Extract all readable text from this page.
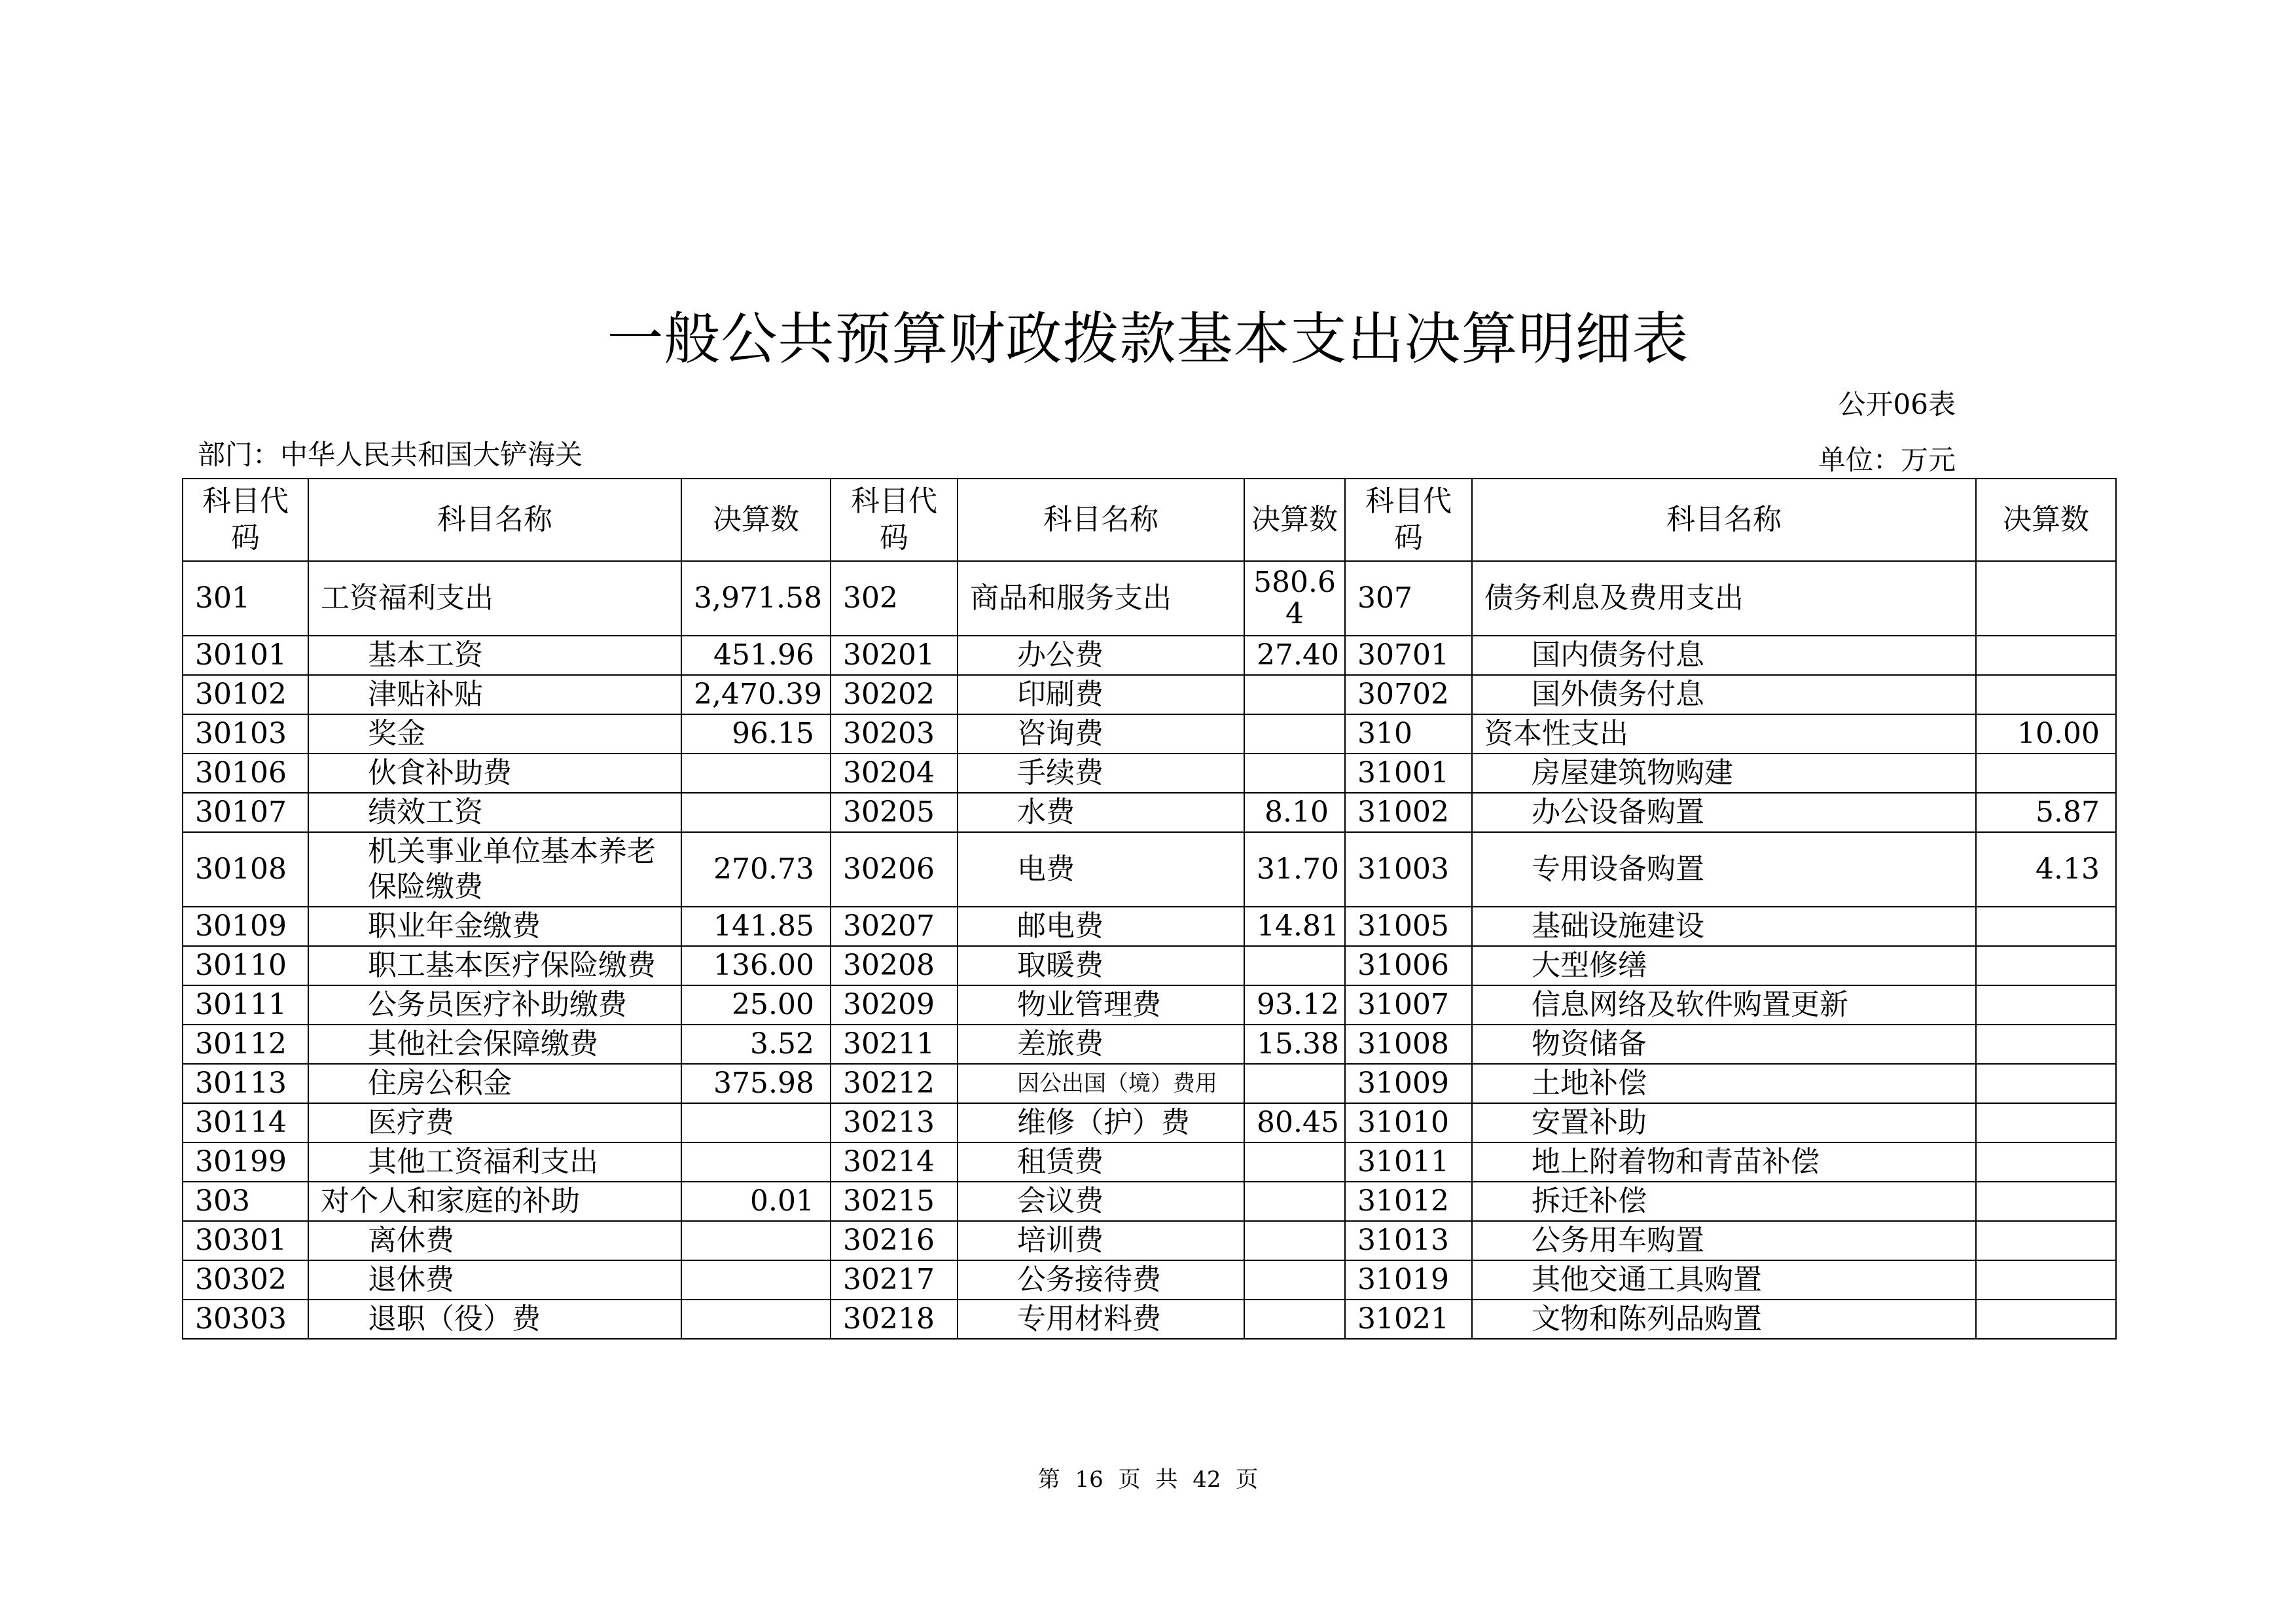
一般公共预算财政拨款基本支出决算明细表
公开06表
部门：中华人民共和国大铲海关	单位：万元
科目代码	科目名称	决算数	科目代码	科目名称	决算数	科目代码	科目名称	决算数
301	工资福利支出	3,971.58	302	商品和服务支出	580.64	307	债务利息及费用支出	
30101	基本工资	451.96	30201	办公费	27.40	30701	国内债务付息	
30102	津贴补贴	2,470.39	30202	印刷费		30702	国外债务付息	
30103	奖金	96.15	30203	咨询费		310	资本性支出	10.00
30106	伙食补助费		30204	手续费		31001	房屋建筑物购建	
30107	绩效工资		30205	水费	8.10	31002	办公设备购置	5.87
30108	机关事业单位基本养老保险缴费	270.73	30206	电费	31.70	31003	专用设备购置	4.13
30109	职业年金缴费	141.85	30207	邮电费	14.81	31005	基础设施建设	
30110	职工基本医疗保险缴费	136.00	30208	取暖费		31006	大型修缮	
30111	公务员医疗补助缴费	25.00	30209	物业管理费	93.12	31007	信息网络及软件购置更新	
30112	其他社会保障缴费	3.52	30211	差旅费	15.38	31008	物资储备	
30113	住房公积金	375.98	30212	因公出国（境）费用		31009	土地补偿	
30114	医疗费		30213	维修（护）费	80.45	31010	安置补助	
30199	其他工资福利支出		30214	租赁费		31011	地上附着物和青苗补偿	
303	对个人和家庭的补助	0.01	30215	会议费		31012	拆迁补偿	
30301	离休费		30216	培训费		31013	公务用车购置	
30302	退休费		30217	公务接待费		31019	其他交通工具购置	
30303	退职（役）费		30218	专用材料费		31021	文物和陈列品购置	
第 16 页 共 42 页
